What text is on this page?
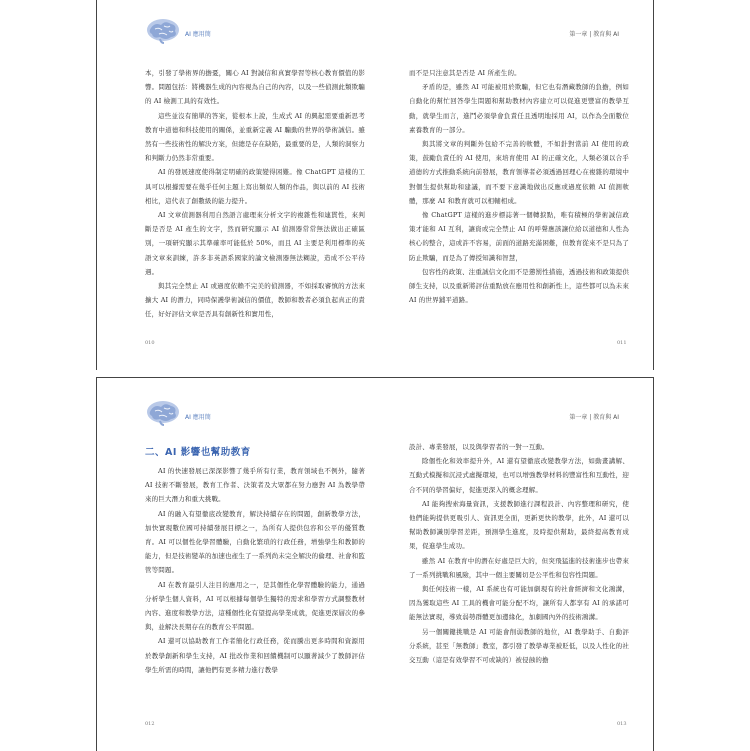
AI 應用簡	第一章 | 教育與 AI

本，引發了學術界的擔憂，關心 AI 對誠信和真實學習等核心教育價值的影響。問題包括：將機器生成的內容視為自己的內容，以及一些偵測此類欺騙的 AI 檢測工具的有效性。

這些並沒有簡單的答案，從根本上說，生成式 AI 的興起需要重新思考教育中道德和科技使用的關係，並重新定義 AI 騙動的世界的學術誠信。雖然有一些技術性的解決方案，但總是存在缺陷，最重要的是，人類的洞察力和判斷力仍然非常重要。

AI 的發展速度使得制定明確的政策變得困難。像 ChatGPT 這樣的工具可以根據需要在幾乎任何主題上寫出類似人類的作品，與以前的 AI 技術相比，這代表了創數級的能力提升。

AI 文章偵測器利用自然語言處理來分析文字的複雜性和連貫性，來判斷是否是 AI 產生的文字，然而研究顯示 AI 偵測器常常無法做出正確區別，一項研究顯示其準確率可能低於 50%，而且 AI 主要是利用標準的英語文章來訓練，許多非英語系國家的論文檢測器無法糊說，造成不公平待遇。

與其完全禁止 AI 或過度依賴不完美的偵測器，不如採取審慎的方法來擴大 AI 的潛力，同時保護學術誠信的價值，教師和教者必須負起真正的責任，好好評估文章是否具有創新性和實用性，

而不是只注意其是否是 AI 所產生的。

矛盾的是，雖然 AI 可能被用於欺騙，但它也有潛藏教師的負擔，例如自動化的幫忙回答學生問題和幫助教材內容建立可以促進更豐富的教學互動，就學生而言，進鬥必須學會負責任且透明地採用 AI，以作為全面數位素養教育的一部分。

與其將文章的判斷外包給不完善的軟體，不如針對當前 AI 使用的政策，鼓勵負責任的 AI 使用，來培育使用 AI 的正確文化，人類必須以合乎道德的方式推動系統向前發展，教育領導者必須透過回理心在複雜的環境中對個生提供幫助和建議，而不要下意識地做出反應或過度依賴 AI 偵測軟體，那麼 AI 和教育就可以相輔相成。

像 ChatGPT 這樣的進步標誌著一個轉捩點，唯有積極的學術誠信政策才能和 AI 互利，讓資或完全禁止 AI 的呼聲應該讓位給以道德和人性為核心的整合，這或許不容易，前面的道路充滿困難，但教育從來不是只為了防止欺騙，而是為了傳授知識和智慧，

包容性的政策、注重誠信文化而不是懲罰性措施，透過技術和政策提供師生支持，以及重新將評估重點放在應用性和創新性上，這些都可以為未來 AI 的世界鋪平道路。

010	011
AI 應用簡	第一章 | 教育與 AI
二、AI 影響也幫助教育

AI 的快速發展已深深影響了幾乎所有行業，教育領域也不例外，隨著 AI 技術不斷發展，教育工作者、決策者及大眾都在努力應對 AI 為教學帶來的巨大潛力和重大挑戰。

AI 的融入有望徹底改變教育，解決持續存在的問題，創新教學方法，加快實現數位國可持續發展目標之一，為所有人提供包容和公平的優質教育。AI 可以個性化學習體驗，自動化繁瑣的行政任務，增強學生和教師的能力，但是技術變革的加速也產生了一系列尚未完全解決的倫理、社會和監管等問題。

AI 在教育最引人注目的應用之一，是其個性化學習體驗的能力，通過分析學生個人資料，AI 可以根據每個學生獨特的需求和學習方式調整教材內容、進度和教學方法，這種個性化有望提高學業成就，促進更深層次的參與，並解決長期存在的教育公平問題。

AI 還可以協助教育工作者簡化行政任務，從而騰出更多時間和資源用於教學創新和學生支持，AI 批改作業和回饋機制可以顯著減少了教師評估學生所需的時間，讓他們有更多精力進行教學

設計、專業發展，以及與學習者的一對一互動。

除個性化和效率提升外，AI 還有望徹底改變教學方法，如動畫講解、互動式模擬和沉浸式虛擬環境，也可以增強教學材料的豐富性和互動性，迎合不同的學習偏好，促進更深入的概念理解。

AI 能夠搜索海量資訊，支援教師進行課程設計、內容整理和研究，使他們能夠提供更吸引人、資訊更全面，更新更快的教學，此外，AI 還可以幫助教師識別學習差距，預測學生進度，及時提供幫助，最終提高教育成果，促進學生成功。

雖然 AI 在教育中的潛在好處是巨大的，但突飛猛進的技術進步也帶來了一系列挑戰和風險，其中一個主要關切是公平性和包容性問題。

與任何技術一樣，AI 系統也有可能加劇現有的社會經濟和文化鴻溝，因為獲取這些 AI 工具的機會可能分配不均，讓所有人都享有 AI 的承諾可能無法實現，導致弱勢群體更加邊緣化，加劇國內外的技術鴻溝。

另一個關鍵挑戰是 AI 可能會削弱教師的地位，AI 教學助手、自動評分系統，甚至「無教師」教室，都引發了教學專業被貶低，以及人性化的社交互動（這是有效學習不可或缺的）被侵蝕的擔

012	013
